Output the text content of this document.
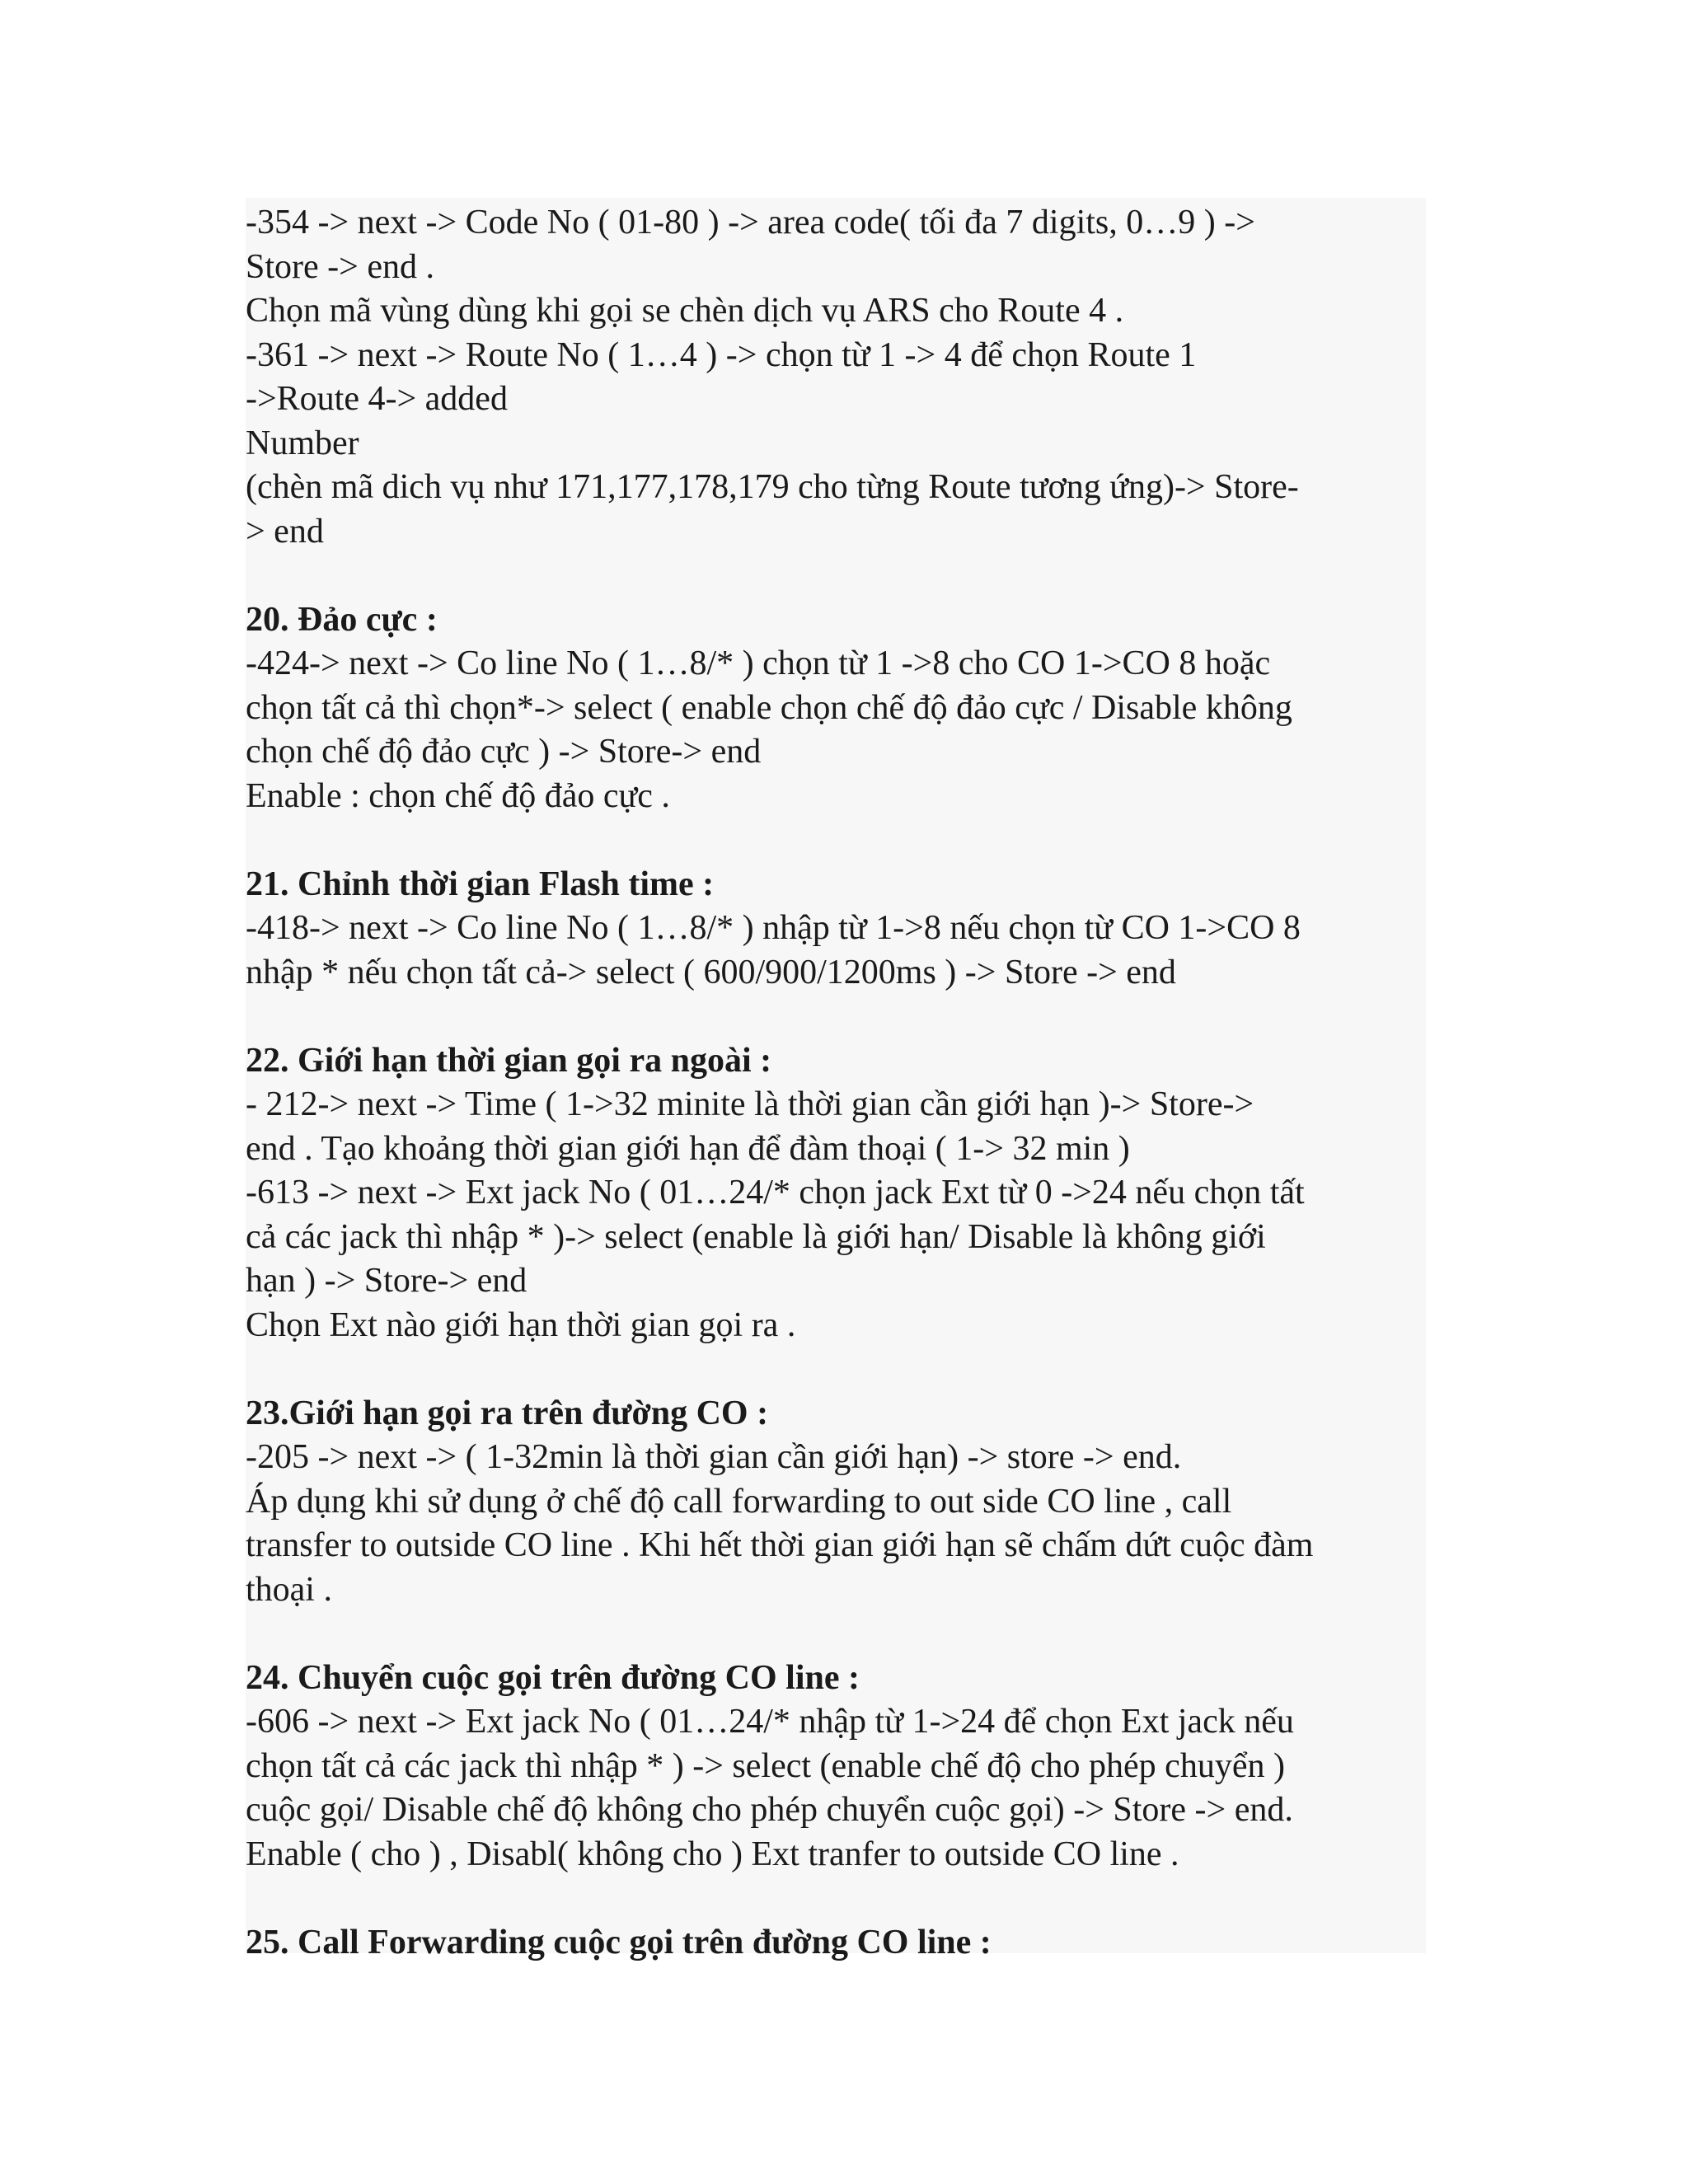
-354 -> next -> Code No ( 01-80 ) -> area code( tối đa 7 digits, 0…9 ) ->
Store -> end .
Chọn mã vùng dùng khi gọi se chèn dịch vụ ARS cho Route 4 .
-361 -> next -> Route No ( 1…4 ) -> chọn từ 1 -> 4 để chọn Route 1
->Route 4-> added
Number
(chèn mã dich vụ như 171,177,178,179 cho từng Route tương ứng)-> Store-
> end
20. Đảo cực :
-424-> next -> Co line No ( 1…8/* ) chọn từ 1 ->8 cho CO 1->CO 8 hoặc
chọn tất cả thì chọn*-> select ( enable chọn chế độ đảo cực / Disable không
chọn chế độ đảo cực ) -> Store-> end
Enable : chọn chế độ đảo cực .
21. Chỉnh thời gian Flash time :
-418-> next -> Co line No ( 1…8/* ) nhập từ 1->8 nếu chọn từ CO 1->CO 8
nhập * nếu chọn tất cả-> select ( 600/900/1200ms ) -> Store -> end
22. Giới hạn thời gian gọi ra ngoài :
- 212-> next -> Time ( 1->32 minite là thời gian cần giới hạn )-> Store->
end . Tạo khoảng thời gian giới hạn để đàm thoại ( 1-> 32 min )
-613 -> next -> Ext jack No ( 01…24/* chọn jack Ext từ 0 ->24 nếu chọn tất
cả các jack thì nhập * )-> select (enable là giới hạn/ Disable là không giới
hạn ) -> Store-> end
Chọn Ext nào giới hạn thời gian gọi ra .
23.Giới hạn gọi ra trên đường CO :
-205 -> next -> ( 1-32min là thời gian cần giới hạn) -> store -> end.
Áp dụng khi sử dụng ở chế độ call forwarding to out side CO line , call
transfer to outside CO line . Khi hết thời gian giới hạn sẽ chấm dứt cuộc đàm
thoại .
24. Chuyển cuộc gọi trên đường CO line :
-606 -> next -> Ext jack No ( 01…24/* nhập từ 1->24 để chọn Ext jack nếu
chọn tất cả các jack thì nhập * ) -> select (enable chế độ cho phép chuyển )
cuộc gọi/ Disable chế độ không cho phép chuyển cuộc gọi) -> Store -> end.
Enable ( cho ) , Disabl( không cho ) Ext tranfer to outside CO line .
25. Call Forwarding cuộc gọi trên đường CO line :
